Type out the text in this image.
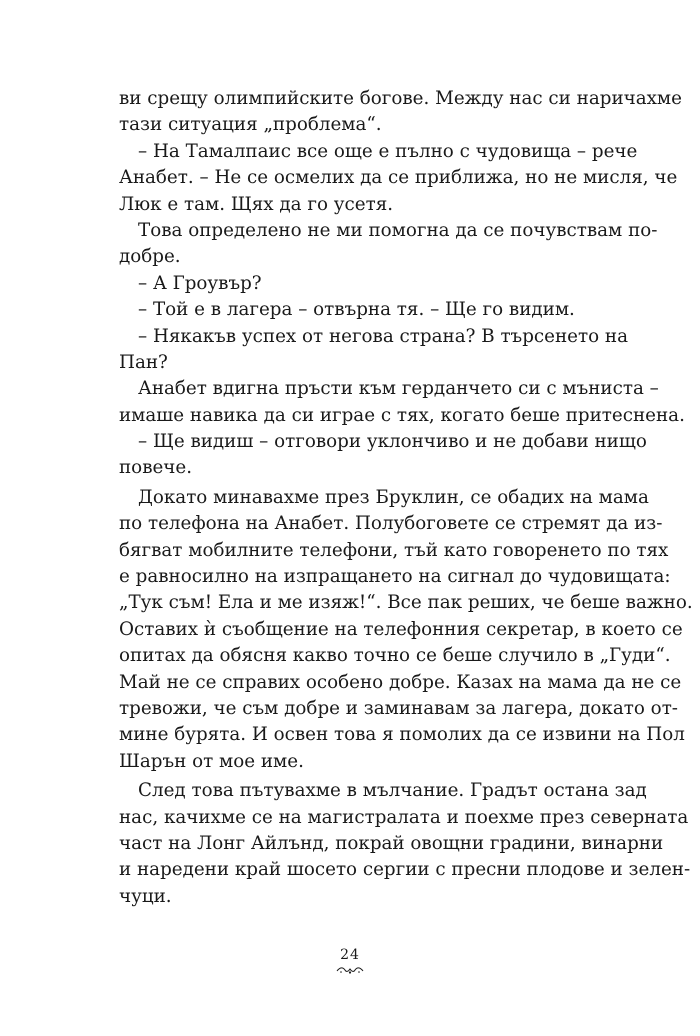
ви срещу олимпийските богове. Между нас си наричахме
тази ситуация „проблема“.
– На Тамалпаис все още е пълно с чудовища – рече
Анабет. – Не се осмелих да се приближа, но не мисля, че
Люк е там. Щях да го усетя.
Това определено не ми помогна да се почувствам по-
добре.
– А Гроувър?
– Той е в лагера – отвърна тя. – Ще го видим.
– Някакъв успех от негова страна? В търсенето на
Пан?
Анабет вдигна пръсти към герданчето си с мъниста –
имаше навика да си играе с тях, когато беше притеснена.
– Ще видиш – отговори уклончиво и не добави нищо
повече.
Докато минавахме през Бруклин, се обадих на мама
по телефона на Анабет. Полубоговете се стремят да из-
бягват мобилните телефони, тъй като говоренето по тях
е равносилно на изпращането на сигнал до чудовищата:
„Тук съм! Ела и ме изяж!“. Все пак реших, че беше важно.
Оставих ѝ съобщение на телефонния секретар, в което се
опитах да обясня какво точно се беше случило в „Гуди“.
Май не се справих особено добре. Казах на мама да не се
тревожи, че съм добре и заминавам за лагера, докато от-
мине бурята. И освен това я помолих да се извини на Пол
Шарън от мое име.
След това пътувахме в мълчание. Градът остана зад
нас, качихме се на магистралата и поехме през северната
част на Лонг Айлънд, покрай овощни градини, винарни
и наредени край шосето сергии с пресни плодове и зелен-
чуци.
24
